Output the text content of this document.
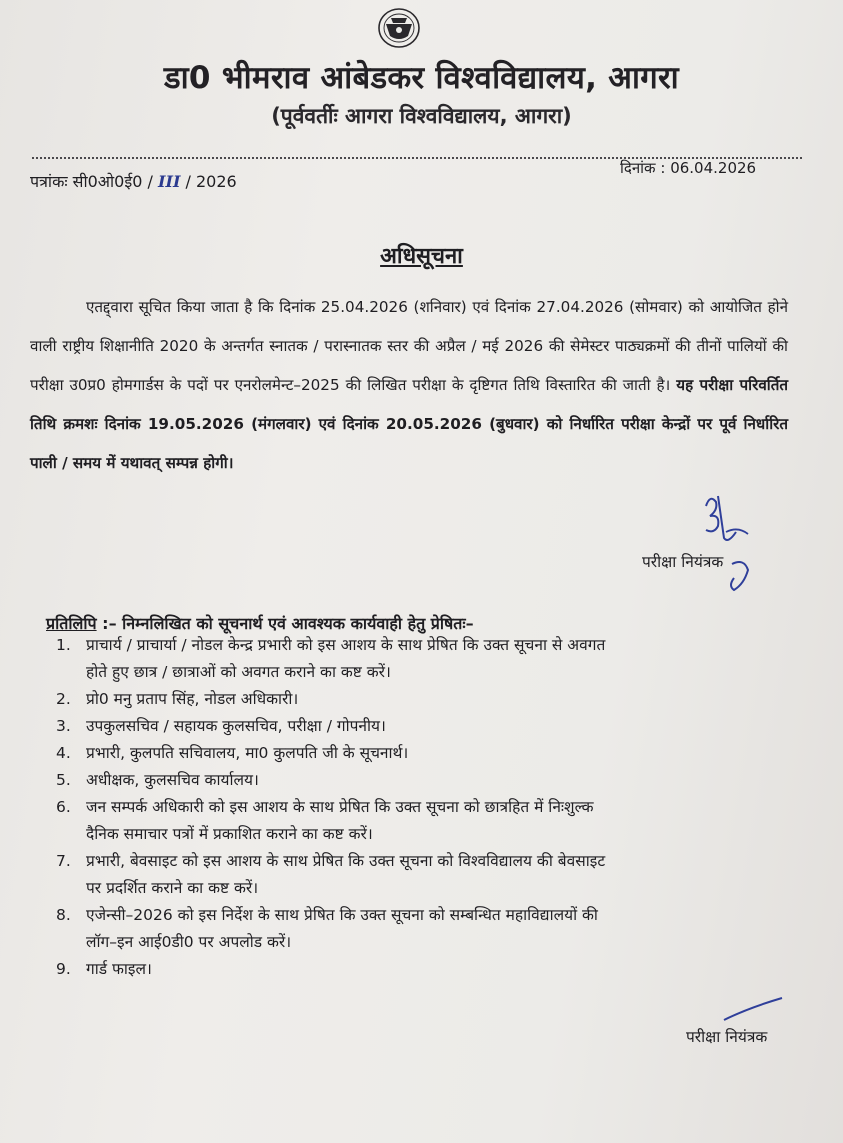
डा0 भीमराव आंबेडकर विश्वविद्यालय, आगरा
(पूर्ववर्तीः आगरा विश्वविद्यालय, आगरा)
पत्रांकः सी0ओ0ई0 / III / 2026
दिनांक : 06.04.2026
अधिसूचना
एतद्द्वारा सूचित किया जाता है कि दिनांक 25.04.2026 (शनिवार) एवं दिनांक 27.04.2026 (सोमवार) को आयोजित होने वाली राष्ट्रीय शिक्षानीति 2020 के अन्तर्गत स्नातक / परास्नातक स्तर की अप्रैल / मई 2026 की सेमेस्टर पाठ्यक्रमों की तीनों पालियों की परीक्षा उ0प्र0 होमगार्डस के पदों पर एनरोलमेन्ट–2025 की लिखित परीक्षा के दृष्टिगत तिथि विस्तारित की जाती है। यह परीक्षा परिवर्तित तिथि क्रमशः दिनांक 19.05.2026 (मंगलवार) एवं दिनांक 20.05.2026 (बुधवार) को निर्धारित परीक्षा केन्द्रों पर पूर्व निर्धारित पाली / समय में यथावत् सम्पन्न होगी।
परीक्षा नियंत्रक
प्रतिलिपि :– निम्नलिखित को सूचनार्थ एवं आवश्यक कार्यवाही हेतु प्रेषितः–
1. प्राचार्य / प्राचार्या / नोडल केन्द्र प्रभारी को इस आशय के साथ प्रेषित कि उक्त सूचना से अवगत
होते हुए छात्र / छात्राओं को अवगत कराने का कष्ट करें।
2. प्रो0 मनु प्रताप सिंह, नोडल अधिकारी।
3. उपकुलसचिव / सहायक कुलसचिव, परीक्षा / गोपनीय।
4. प्रभारी, कुलपति सचिवालय, मा0 कुलपति जी के सूचनार्थ।
5. अधीक्षक, कुलसचिव कार्यालय।
6. जन सम्पर्क अधिकारी को इस आशय के साथ प्रेषित कि उक्त सूचना को छात्रहित में निःशुल्क
दैनिक समाचार पत्रों में प्रकाशित कराने का कष्ट करें।
7. प्रभारी, बेवसाइट को इस आशय के साथ प्रेषित कि उक्त सूचना को विश्वविद्यालय की बेवसाइट
पर प्रदर्शित कराने का कष्ट करें।
8. एजेन्सी–2026 को इस निर्देश के साथ प्रेषित कि उक्त सूचना को सम्बन्धित महाविद्यालयों की
लॉग–इन आई0डी0 पर अपलोड करें।
9. गार्ड फाइल।
परीक्षा नियंत्रक
